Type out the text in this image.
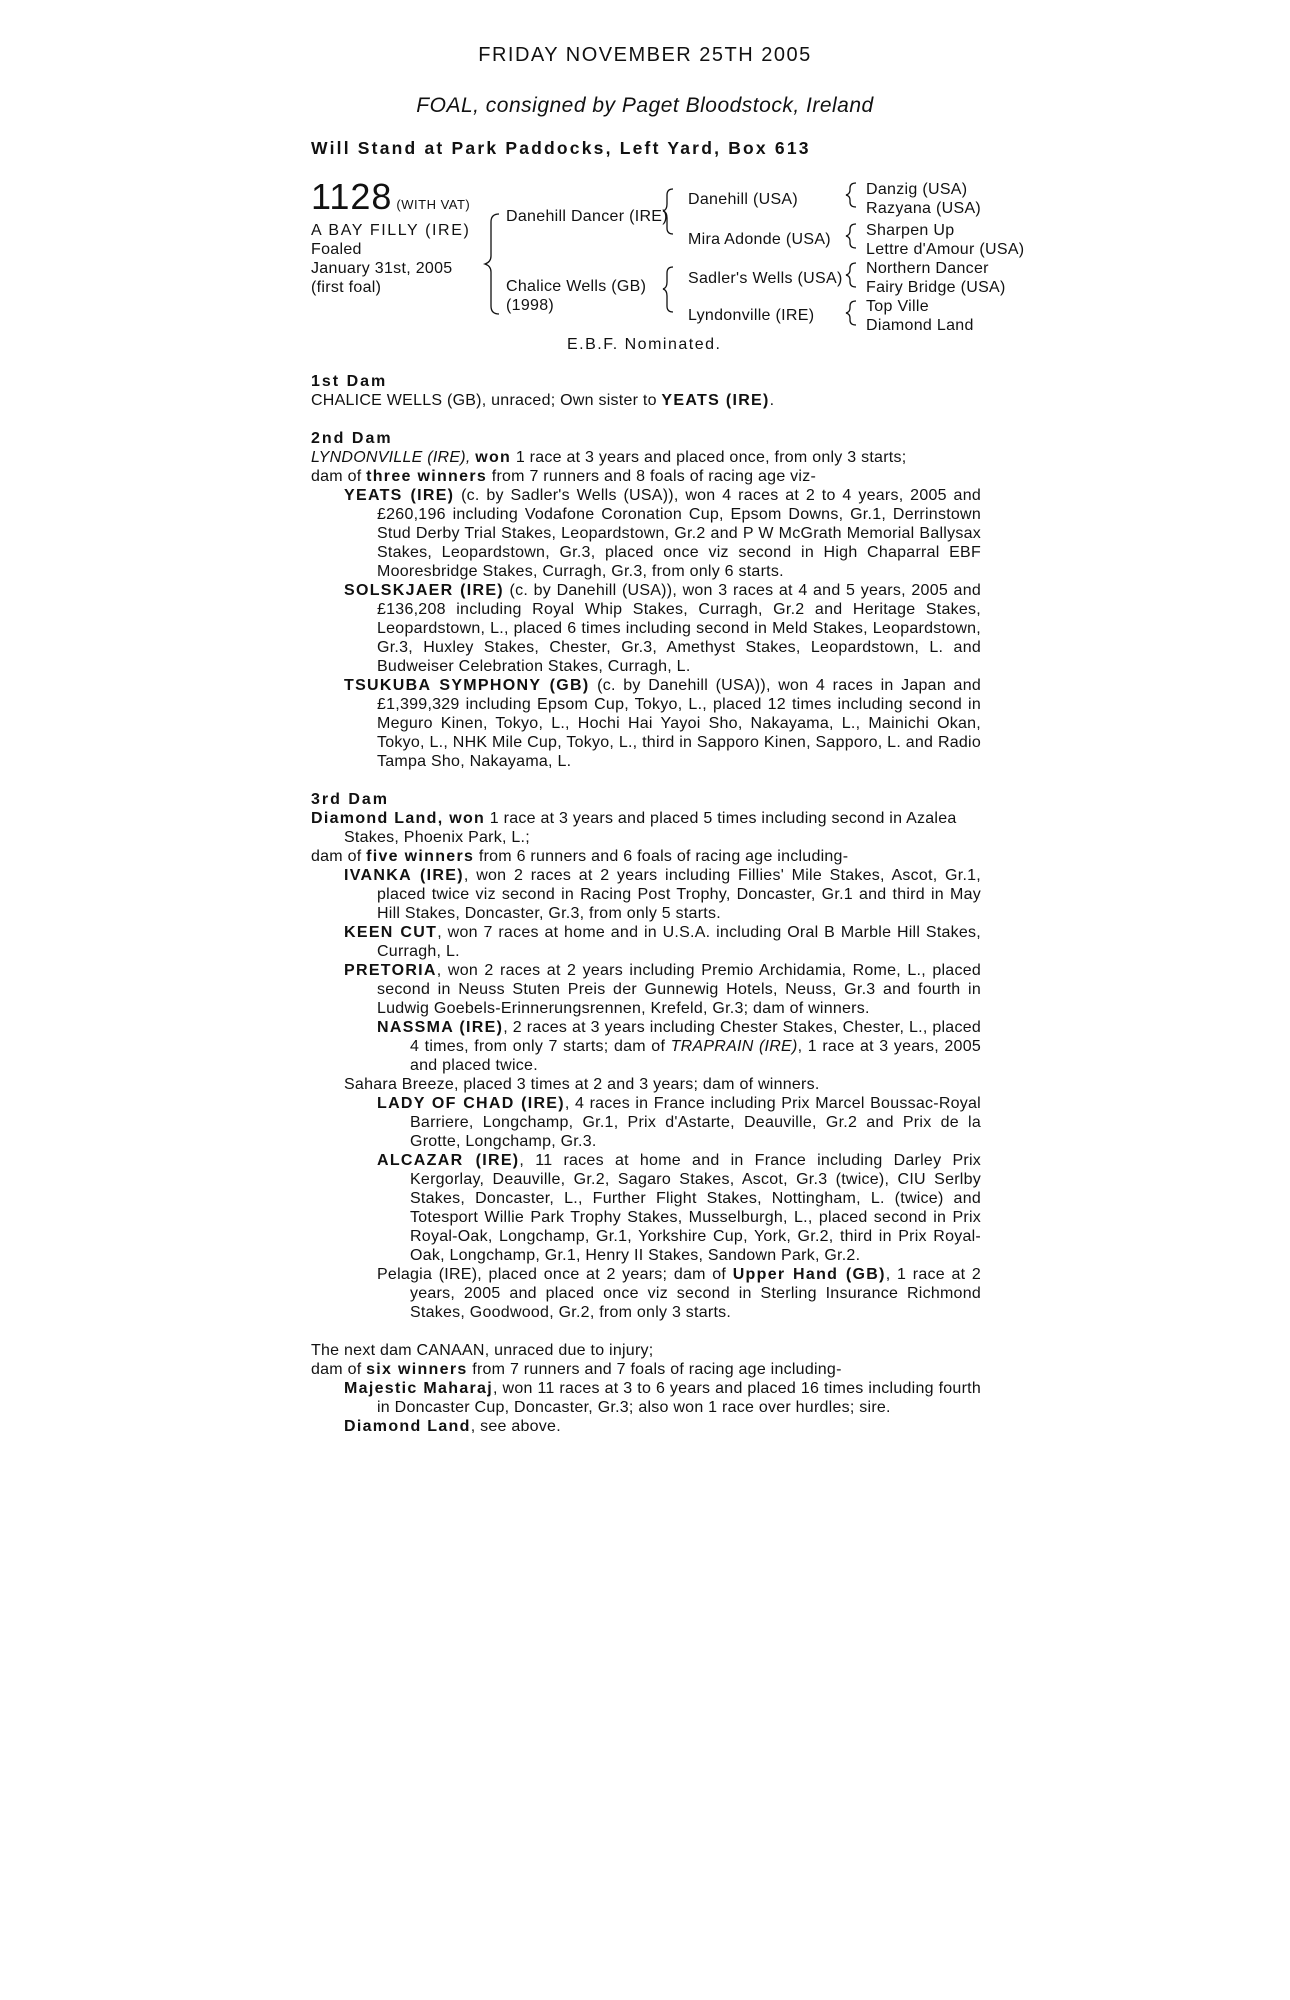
FRIDAY NOVEMBER 25TH 2005
FOAL, consigned by Paget Bloodstock, Ireland
Will Stand at Park Paddocks, Left Yard, Box 613
1128 (WITH VAT)
A BAY FILLY (IRE)
Foaled
January 31st, 2005
(first foal)
Danehill Dancer (IRE)
Chalice Wells (GB)
(1998)
Danehill (USA)
Mira Adonde (USA)
Sadler's Wells (USA)
Lyndonville (IRE)
Danzig (USA)
Razyana (USA)
Sharpen Up
Lettre d'Amour (USA)
Northern Dancer
Fairy Bridge (USA)
Top Ville
Diamond Land
E.B.F. Nominated.

1st Dam

CHALICE WELLS (GB), unraced; Own sister to YEATS (IRE).

2nd Dam

LYNDONVILLE (IRE), won 1 race at 3 years and placed once, from only 3 starts;

dam of three winners from 7 runners and 8 foals of racing age viz-

YEATS (IRE) (c. by Sadler's Wells (USA)), won 4 races at 2 to 4 years, 2005 and £260,196 including Vodafone Coronation Cup, Epsom Downs, Gr.1, Derrinstown Stud Derby Trial Stakes, Leopardstown, Gr.2 and P W McGrath Memorial Ballysax Stakes, Leopardstown, Gr.3, placed once viz second in High Chaparral EBF Mooresbridge Stakes, Curragh, Gr.3, from only 6 starts.

SOLSKJAER (IRE) (c. by Danehill (USA)), won 3 races at 4 and 5 years, 2005 and £136,208 including Royal Whip Stakes, Curragh, Gr.2 and Heritage Stakes, Leopardstown, L., placed 6 times including second in Meld Stakes, Leopardstown, Gr.3, Huxley Stakes, Chester, Gr.3, Amethyst Stakes, Leopardstown, L. and Budweiser Celebration Stakes, Curragh, L.

TSUKUBA SYMPHONY (GB) (c. by Danehill (USA)), won 4 races in Japan and £1,399,329 including Epsom Cup, Tokyo, L., placed 12 times including second in Meguro Kinen, Tokyo, L., Hochi Hai Yayoi Sho, Nakayama, L., Mainichi Okan, Tokyo, L., NHK Mile Cup, Tokyo, L., third in Sapporo Kinen, Sapporo, L. and Radio Tampa Sho, Nakayama, L.

3rd Dam

Diamond Land, won 1 race at 3 years and placed 5 times including second in Azalea Stakes, Phoenix Park, L.;

dam of five winners from 6 runners and 6 foals of racing age including-

IVANKA (IRE), won 2 races at 2 years including Fillies' Mile Stakes, Ascot, Gr.1, placed twice viz second in Racing Post Trophy, Doncaster, Gr.1 and third in May Hill Stakes, Doncaster, Gr.3, from only 5 starts.

KEEN CUT, won 7 races at home and in U.S.A. including Oral B Marble Hill Stakes, Curragh, L.

PRETORIA, won 2 races at 2 years including Premio Archidamia, Rome, L., placed second in Neuss Stuten Preis der Gunnewig Hotels, Neuss, Gr.3 and fourth in Ludwig Goebels-Erinnerungsrennen, Krefeld, Gr.3; dam of winners.

NASSMA (IRE), 2 races at 3 years including Chester Stakes, Chester, L., placed 4 times, from only 7 starts; dam of TRAPRAIN (IRE), 1 race at 3 years, 2005 and placed twice.

Sahara Breeze, placed 3 times at 2 and 3 years; dam of winners.

LADY OF CHAD (IRE), 4 races in France including Prix Marcel Boussac-Royal Barriere, Longchamp, Gr.1, Prix d'Astarte, Deauville, Gr.2 and Prix de la Grotte, Longchamp, Gr.3.

ALCAZAR (IRE), 11 races at home and in France including Darley Prix Kergorlay, Deauville, Gr.2, Sagaro Stakes, Ascot, Gr.3 (twice), CIU Serlby Stakes, Doncaster, L., Further Flight Stakes, Nottingham, L. (twice) and Totesport Willie Park Trophy Stakes, Musselburgh, L., placed second in Prix Royal-Oak, Longchamp, Gr.1, Yorkshire Cup, York, Gr.2, third in Prix Royal-Oak, Longchamp, Gr.1, Henry II Stakes, Sandown Park, Gr.2.

Pelagia (IRE), placed once at 2 years; dam of Upper Hand (GB), 1 race at 2 years, 2005 and placed once viz second in Sterling Insurance Richmond Stakes, Goodwood, Gr.2, from only 3 starts.

The next dam CANAAN, unraced due to injury;

dam of six winners from 7 runners and 7 foals of racing age including-

Majestic Maharaj, won 11 races at 3 to 6 years and placed 16 times including fourth in Doncaster Cup, Doncaster, Gr.3; also won 1 race over hurdles; sire.

Diamond Land, see above.
